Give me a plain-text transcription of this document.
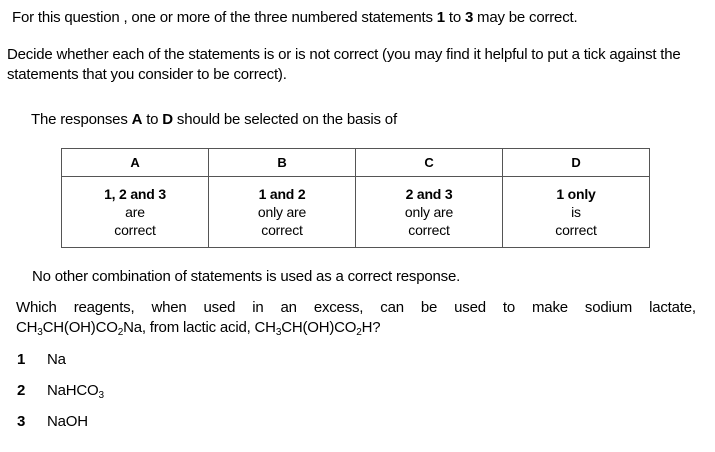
For this question , one or more of the three numbered statements 1 to 3 may be correct.
Decide whether each of the statements is or is not correct (you may find it helpful to put a tick against the statements that you consider to be correct).
The responses A to D should be selected on the basis of
A	B	C	D

1, 2 and 3
are
correct	1 and 2
only are
correct	2 and 3
only are
correct	1 only
is
correct
No other combination of statements is used as a correct response.
Which reagents, when used in an excess, can be used to make sodium lactate,
$CH_3CH(OH)CO_2Na$, from lactic acid, $CH_3CH(OH)CO_2H$?
1 Na
2 NaHCO$_3$
3 NaOH
